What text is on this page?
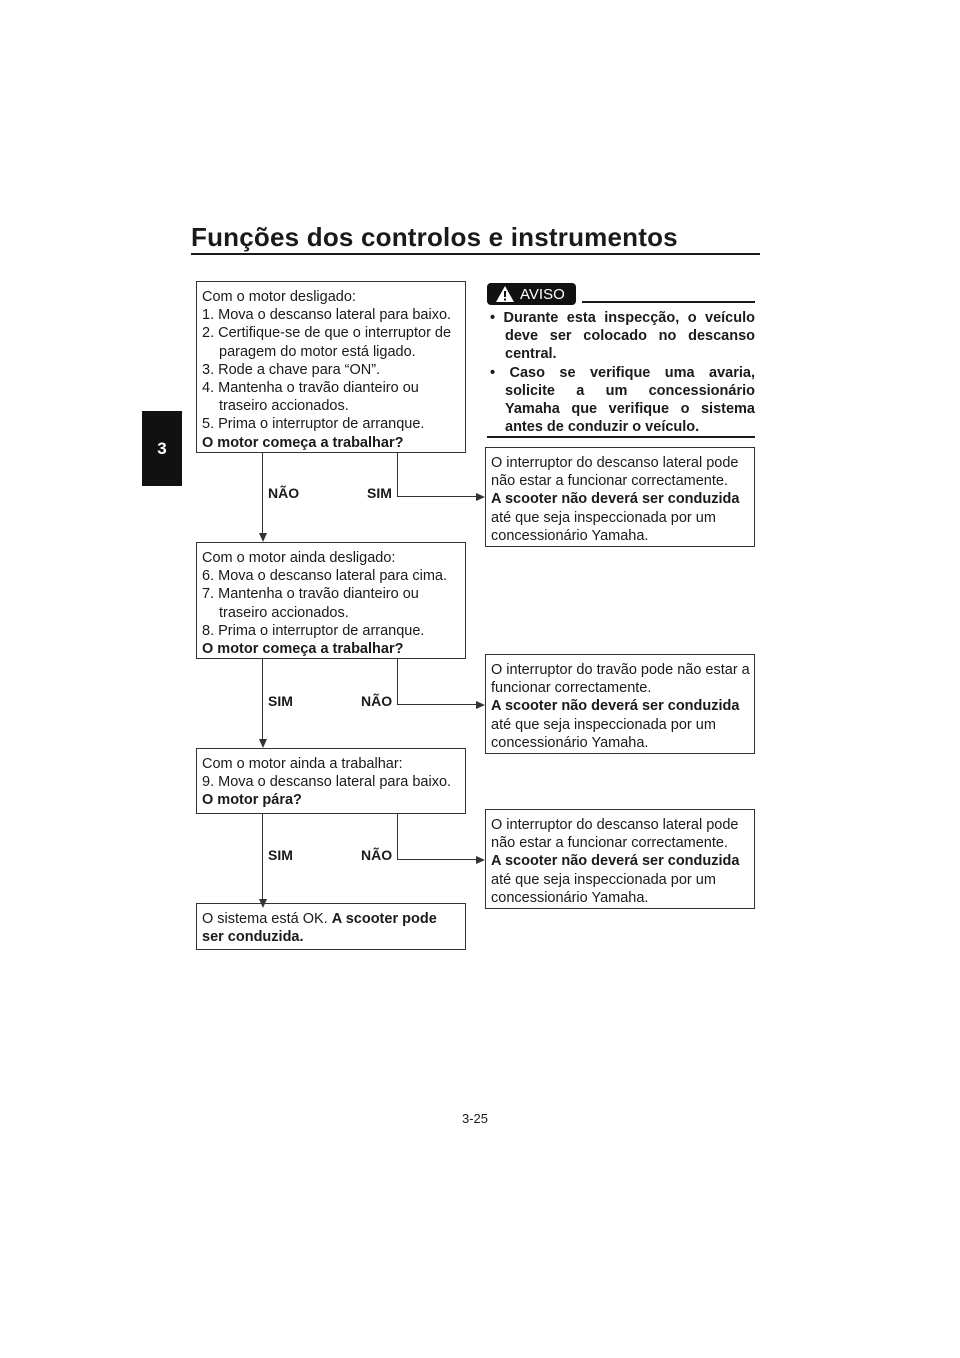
Funções dos controlos e instrumentos
3
AVISO
• Durante esta inspecção, o veículo deve ser colocado no descanso central.
• Caso se verifique uma avaria, solicite a um concessionário Yamaha que verifique o sistema antes de conduzir o veículo.
Com o motor desligado:
1. Mova o descanso lateral para baixo.
2. Certifique-se de que o interruptor de paragem do motor está ligado.
3. Rode a chave para “ON”.
4. Mantenha o travão dianteiro ou traseiro accionados.
5. Prima o interruptor de arranque.
O motor começa a trabalhar?
O interruptor do descanso lateral pode não estar a funcionar correctamente.
A scooter não deverá ser conduzida
até que seja inspeccionada por um concessionário Yamaha.
NÃO	SIM
Com o motor ainda desligado:
6. Mova o descanso lateral para cima.
7. Mantenha o travão dianteiro ou traseiro accionados.
8. Prima o interruptor de arranque.
O motor começa a trabalhar?
O interruptor do travão pode não estar a funcionar correctamente.
A scooter não deverá ser conduzida
até que seja inspeccionada por um concessionário Yamaha.
SIM	NÃO
Com o motor ainda a trabalhar:
9. Mova o descanso lateral para baixo.
O motor pára?
O interruptor do descanso lateral pode não estar a funcionar correctamente.
A scooter não deverá ser conduzida
até que seja inspeccionada por um concessionário Yamaha.
SIM	NÃO
O sistema está OK. A scooter pode ser conduzida.
3-25
